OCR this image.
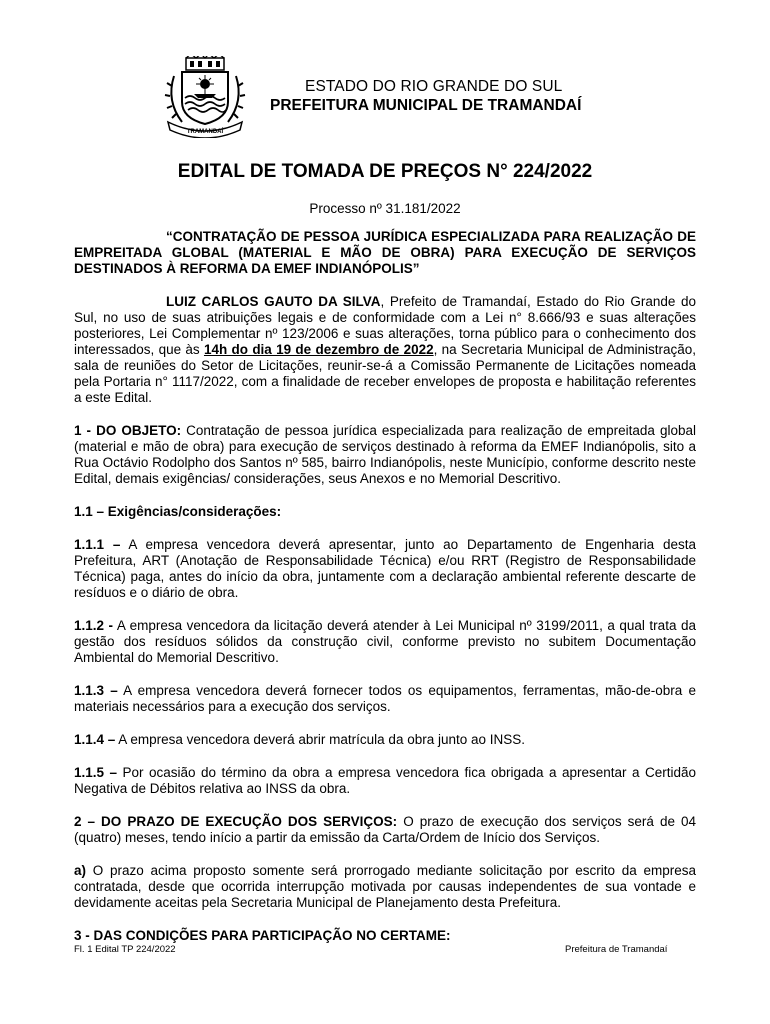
TRAMANDAÍ
ESTADO DO RIO GRANDE DO SUL
PREFEITURA MUNICIPAL DE TRAMANDAÍ
EDITAL DE TOMADA DE PREÇOS N° 224/2022
Processo nº 31.181/2022

“CONTRATAÇÃO DE PESSOA JURÍDICA ESPECIALIZADA PARA REALIZAÇÃO DE EMPREITADA GLOBAL (MATERIAL E MÃO DE OBRA) PARA EXECUÇÃO DE SERVIÇOS DESTINADOS À REFORMA DA EMEF INDIANÓPOLIS”

LUIZ CARLOS GAUTO DA SILVA, Prefeito de Tramandaí, Estado do Rio Grande do Sul, no uso de suas atribuições legais e de conformidade com a Lei n° 8.666/93 e suas alterações posteriores, Lei Complementar nº 123/2006 e suas alterações, torna público para o conhecimento dos interessados, que às 14h do dia 19 de dezembro de 2022, na Secretaria Municipal de Administração, sala de reuniões do Setor de Licitações, reunir-se-á a Comissão Permanente de Licitações nomeada pela Portaria n° 1117/2022, com a finalidade de receber envelopes de proposta e habilitação referentes a este Edital.

1 - DO OBJETO: Contratação de pessoa jurídica especializada para realização de empreitada global (material e mão de obra) para execução de serviços destinado à reforma da EMEF Indianópolis, sito a Rua Octávio Rodolpho dos Santos nº 585, bairro Indianópolis, neste Município, conforme descrito neste Edital, demais exigências/ considerações, seus Anexos e no Memorial Descritivo.

1.1 – Exigências/considerações:

1.1.1 – A empresa vencedora deverá apresentar, junto ao Departamento de Engenharia desta Prefeitura, ART (Anotação de Responsabilidade Técnica) e/ou RRT (Registro de Responsabilidade Técnica) paga, antes do início da obra, juntamente com a declaração ambiental referente descarte de resíduos e o diário de obra.

1.1.2 - A empresa vencedora da licitação deverá atender à Lei Municipal nº 3199/2011, a qual trata da gestão dos resíduos sólidos da construção civil, conforme previsto no subitem Documentação Ambiental do Memorial Descritivo.

1.1.3 – A empresa vencedora deverá fornecer todos os equipamentos, ferramentas, mão-de-obra e materiais necessários para a execução dos serviços.

1.1.4 – A empresa vencedora deverá abrir matrícula da obra junto ao INSS.

1.1.5 – Por ocasião do término da obra a empresa vencedora fica obrigada a apresentar a Certidão Negativa de Débitos relativa ao INSS da obra.

2 – DO PRAZO DE EXECUÇÃO DOS SERVIÇOS: O prazo de execução dos serviços será de 04 (quatro) meses, tendo início a partir da emissão da Carta/Ordem de Início dos Serviços.

a) O prazo acima proposto somente será prorrogado mediante solicitação por escrito da empresa contratada, desde que ocorrida interrupção motivada por causas independentes de sua vontade e devidamente aceitas pela Secretaria Municipal de Planejamento desta Prefeitura.

3 - DAS CONDIÇÕES PARA PARTICIPAÇÃO NO CERTAME:

Fl. 1 Edital TP 224/2022	Prefeitura de Tramandaí
